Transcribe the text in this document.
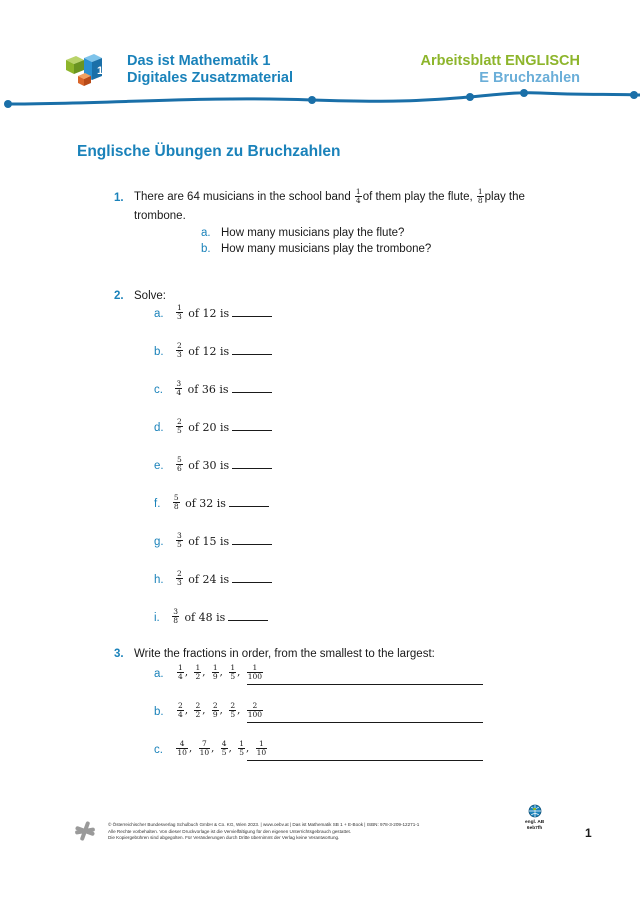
1
Das ist Mathematik 1
Digitales Zusatzmaterial
Arbeitsblatt ENGLISCH
E Bruchzahlen
Englische Übungen zu Bruchzahlen
1. There are 64 musicians in the school band $\frac{1}{4}$ of them play the flute, $\frac{1}{8}$ play the
trombone.
a. How many musicians play the flute?
b. How many musicians play the trombone?
2. Solve:
a. $\frac{1}{3}$ of 12 is
b. $\frac{2}{3}$ of 12 is
c. $\frac{3}{4}$ of 36 is
d. $\frac{2}{5}$ of 20 is
e. $\frac{5}{6}$ of 30 is
f. $\frac{5}{8}$ of 32 is
g. $\frac{3}{5}$ of 15 is
h. $\frac{2}{3}$ of 24 is
i. $\frac{3}{8}$ of 48 is
3. Write the fractions in order, from the smallest to the largest:
a. $\frac{1}{4}$ , $\frac{1}{2}$ , $\frac{1}{9}$ , $\frac{1}{5}$ , $\frac{1}{100}$
b. $\frac{2}{4}$ , $\frac{2}{2}$ , $\frac{2}{9}$ , $\frac{2}{5}$ , $\frac{2}{100}$
c. $\frac{4}{10}$ , $\frac{7}{10}$ , $\frac{4}{5}$ , $\frac{1}{5}$ , $\frac{1}{10}$
© Österreichischer Bundesverlag Schulbuch GmbH & Co. KG, Wien 2023. | www.oebv.at | Das ist Mathematik SB 1 + E-Book | ISBN: 978-3-209-12271-1
Alle Rechte vorbehalten. Von dieser Druckvorlage ist die Vervielfältigung für den eigenen Unterrichtsgebrauch gestattet.
Die Kopiergebühren sind abgegolten. Für Veränderungen durch Dritte übernimmt der Verlag keine Verantwortung.
engl. AB
6eb7fh	1
